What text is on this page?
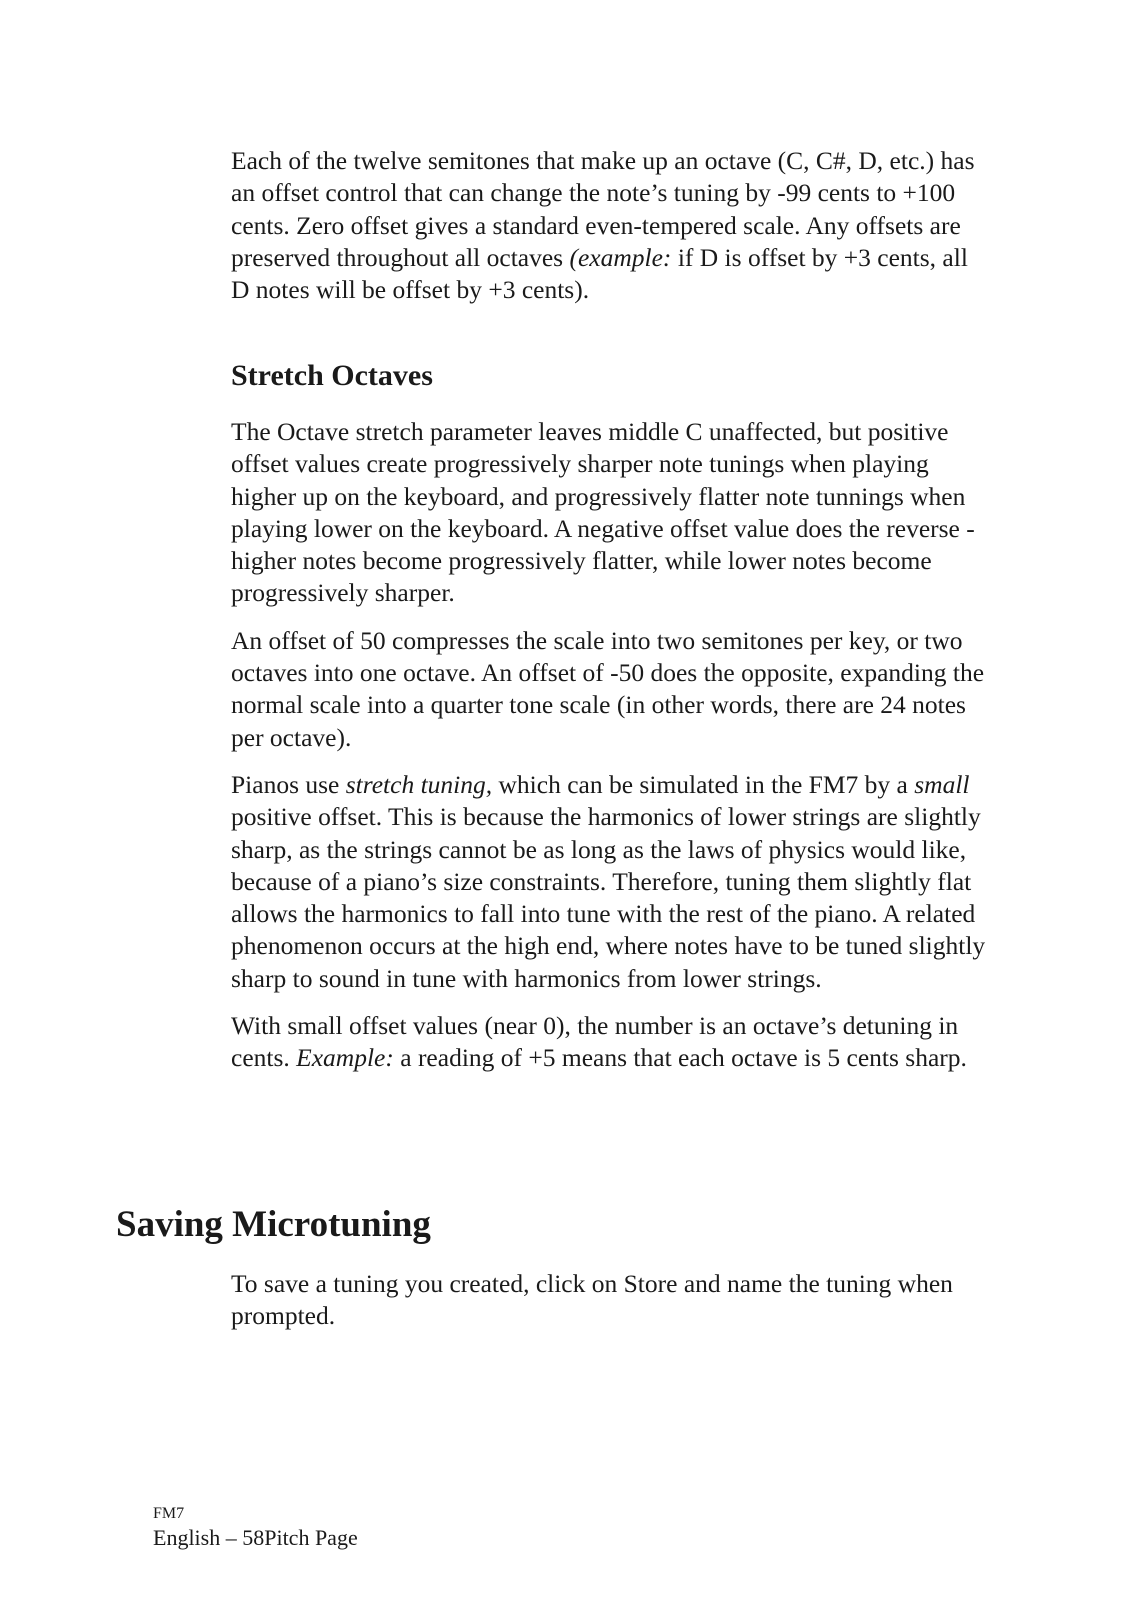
Each of the twelve semitones that make up an octave (C, C#, D, etc.) has an offset control that can change the note’s tuning by -99 cents to +100 cents. Zero offset gives a standard even-tempered scale. Any offsets are preserved throughout all octaves (example: if D is offset by +3 cents, all D notes will be offset by +3 cents).

Stretch Octaves

The Octave stretch parameter leaves middle C unaffected, but positive offset values create progressively sharper note tunings when playing higher up on the keyboard, and progressively flatter note tunnings when playing lower on the keyboard. A negative offset value does the reverse - higher notes become progressively flatter, while lower notes become progressively sharper.

An offset of 50 compresses the scale into two semitones per key, or two octaves into one octave. An offset of -50 does the opposite, expanding the normal scale into a quarter tone scale (in other words, there are 24 notes per octave).

Pianos use stretch tuning, which can be simulated in the FM7 by a small positive offset. This is because the harmonics of lower strings are slightly sharp, as the strings cannot be as long as the laws of physics would like, because of a piano’s size constraints. Therefore, tuning them slightly flat allows the harmonics to fall into tune with the rest of the piano. A related phenomenon occurs at the high end, where notes have to be tuned slightly sharp to sound in tune with harmonics from lower strings.

With small offset values (near 0), the number is an octave’s detuning in cents. Example: a reading of +5 means that each octave is 5 cents sharp.

Saving Microtuning

To save a tuning you created, click on Store and name the tuning when prompted.

FM7
English – 58Pitch Page
